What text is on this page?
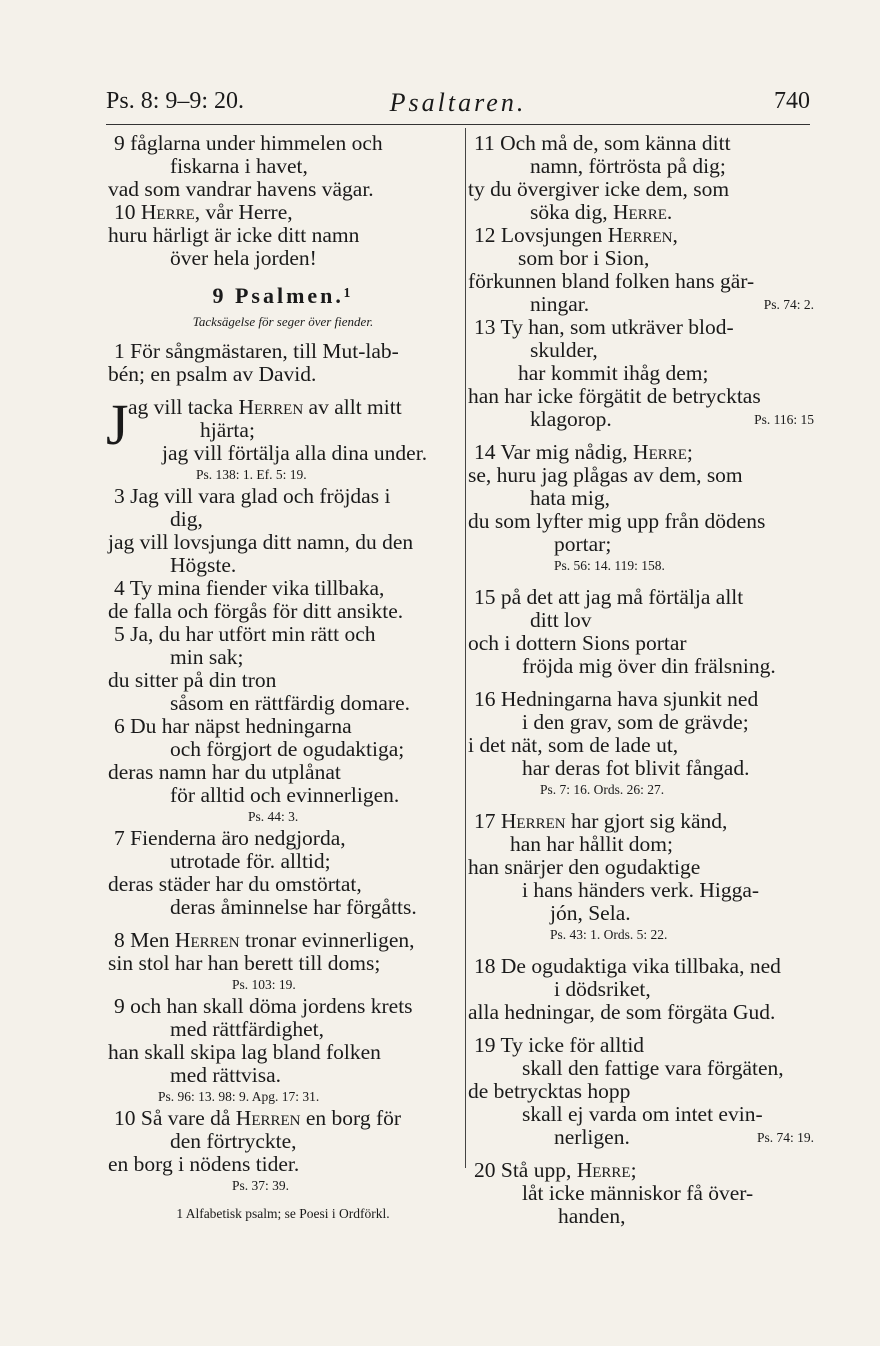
Ps. 8: 9–9: 20.	Psaltaren.	740
9 fåglarna under himmelen och
fiskarna i havet,
vad som vandrar havens vägar.
10 Herre, vår Herre,
huru härligt är icke ditt namn
över hela jorden!
9 Psalmen.¹
Tacksägelse för seger över fiender.
1 För sångmästaren, till Mut-lab-
bén; en psalm av David.
J ag vill tacka Herren av allt mitt
hjärta;
jag vill förtälja alla dina under.
Ps. 138: 1. Ef. 5: 19.
3 Jag vill vara glad och fröjdas i
dig,
jag vill lovsjunga ditt namn, du den
Högste.
4 Ty mina fiender vika tillbaka,
de falla och förgås för ditt ansikte.
5 Ja, du har utfört min rätt och
min sak;
du sitter på din tron
såsom en rättfärdig domare.
6 Du har näpst hedningarna
och förgjort de ogudaktiga;
deras namn har du utplånat
för alltid och evinnerligen.
Ps. 44: 3.
7 Fienderna äro nedgjorda,
utrotade för. alltid;
deras städer har du omstörtat,
deras åminnelse har förgåtts.
8 Men Herren tronar evinnerligen,
sin stol har han berett till doms;
Ps. 103: 19.
9 och han skall döma jordens krets
med rättfärdighet,
han skall skipa lag bland folken
med rättvisa.
Ps. 96: 13. 98: 9. Apg. 17: 31.
10 Så vare då Herren en borg för
den förtryckte,
en borg i nödens tider.
Ps. 37: 39.
1 Alfabetisk psalm; se Poesi i Ordförkl.
11 Och må de, som känna ditt
namn, förtrösta på dig;
ty du övergiver icke dem, som
söka dig, Herre.
12 Lovsjungen Herren,
som bor i Sion,
förkunnen bland folken hans gär-
ningar.	Ps. 74: 2.
13 Ty han, som utkräver blod-
skulder,
har kommit ihåg dem;
han har icke förgätit de betrycktas
klagorop.	Ps. 116: 15
14 Var mig nådig, Herre;
se, huru jag plågas av dem, som
hata mig,
du som lyfter mig upp från dödens
portar;
Ps. 56: 14. 119: 158.
15 på det att jag må förtälja allt
ditt lov
och i dottern Sions portar
fröjda mig över din frälsning.
16 Hedningarna hava sjunkit ned
i den grav, som de grävde;
i det nät, som de lade ut,
har deras fot blivit fångad.
Ps. 7: 16. Ords. 26: 27.
17 Herren har gjort sig känd,
han har hållit dom;
han snärjer den ogudaktige
i hans händers verk. Higga-
jón, Sela.
Ps. 43: 1. Ords. 5: 22.
18 De ogudaktiga vika tillbaka, ned
i dödsriket,
alla hedningar, de som förgäta Gud.
19 Ty icke för alltid
skall den fattige vara förgäten,
de betrycktas hopp
skall ej varda om intet evin-
nerligen.	Ps. 74: 19.
20 Stå upp, Herre;
låt icke människor få över-
handen,
